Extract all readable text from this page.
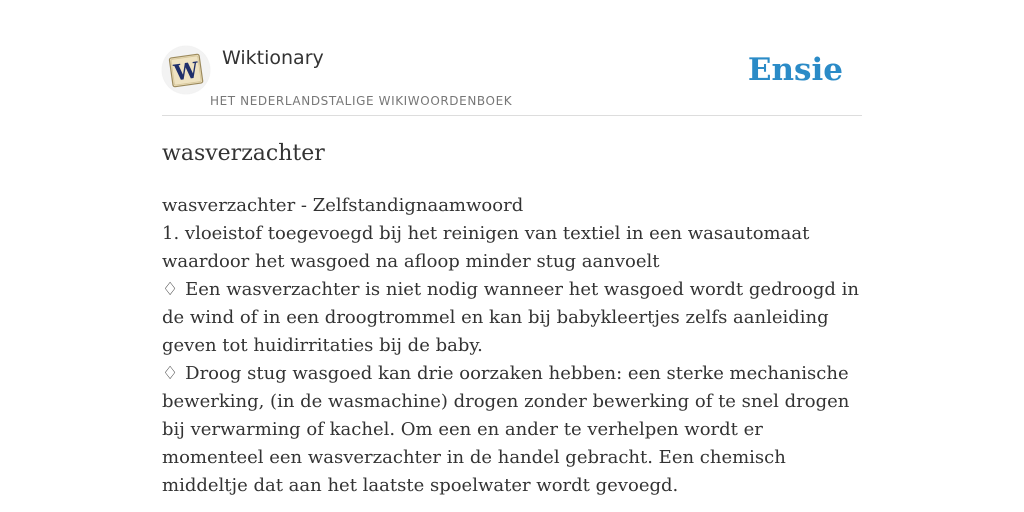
W Wiktionary
HET NEDERLANDSTALIGE WIKIWOORDENBOEK
Ensie
wasverzachter

wasverzachter - Zelfstandignaamwoord

1. vloeistof toegevoegd bij het reinigen van textiel in een wasautomaat waardoor het wasgoed na afloop minder stug aanvoelt

♢ Een wasverzachter is niet nodig wanneer het wasgoed wordt gedroogd in de wind of in een droogtrommel en kan bij babykleertjes zelfs aanleiding geven tot huidirritaties bij de baby.

♢ Droog stug wasgoed kan drie oorzaken hebben: een sterke mechanische bewerking, (in de wasmachine) drogen zonder bewerking of te snel drogen bij verwarming of kachel. Om een en ander te verhelpen wordt er momenteel een wasverzachter in de handel gebracht. Een chemisch middeltje dat aan het laatste spoelwater wordt gevoegd.
